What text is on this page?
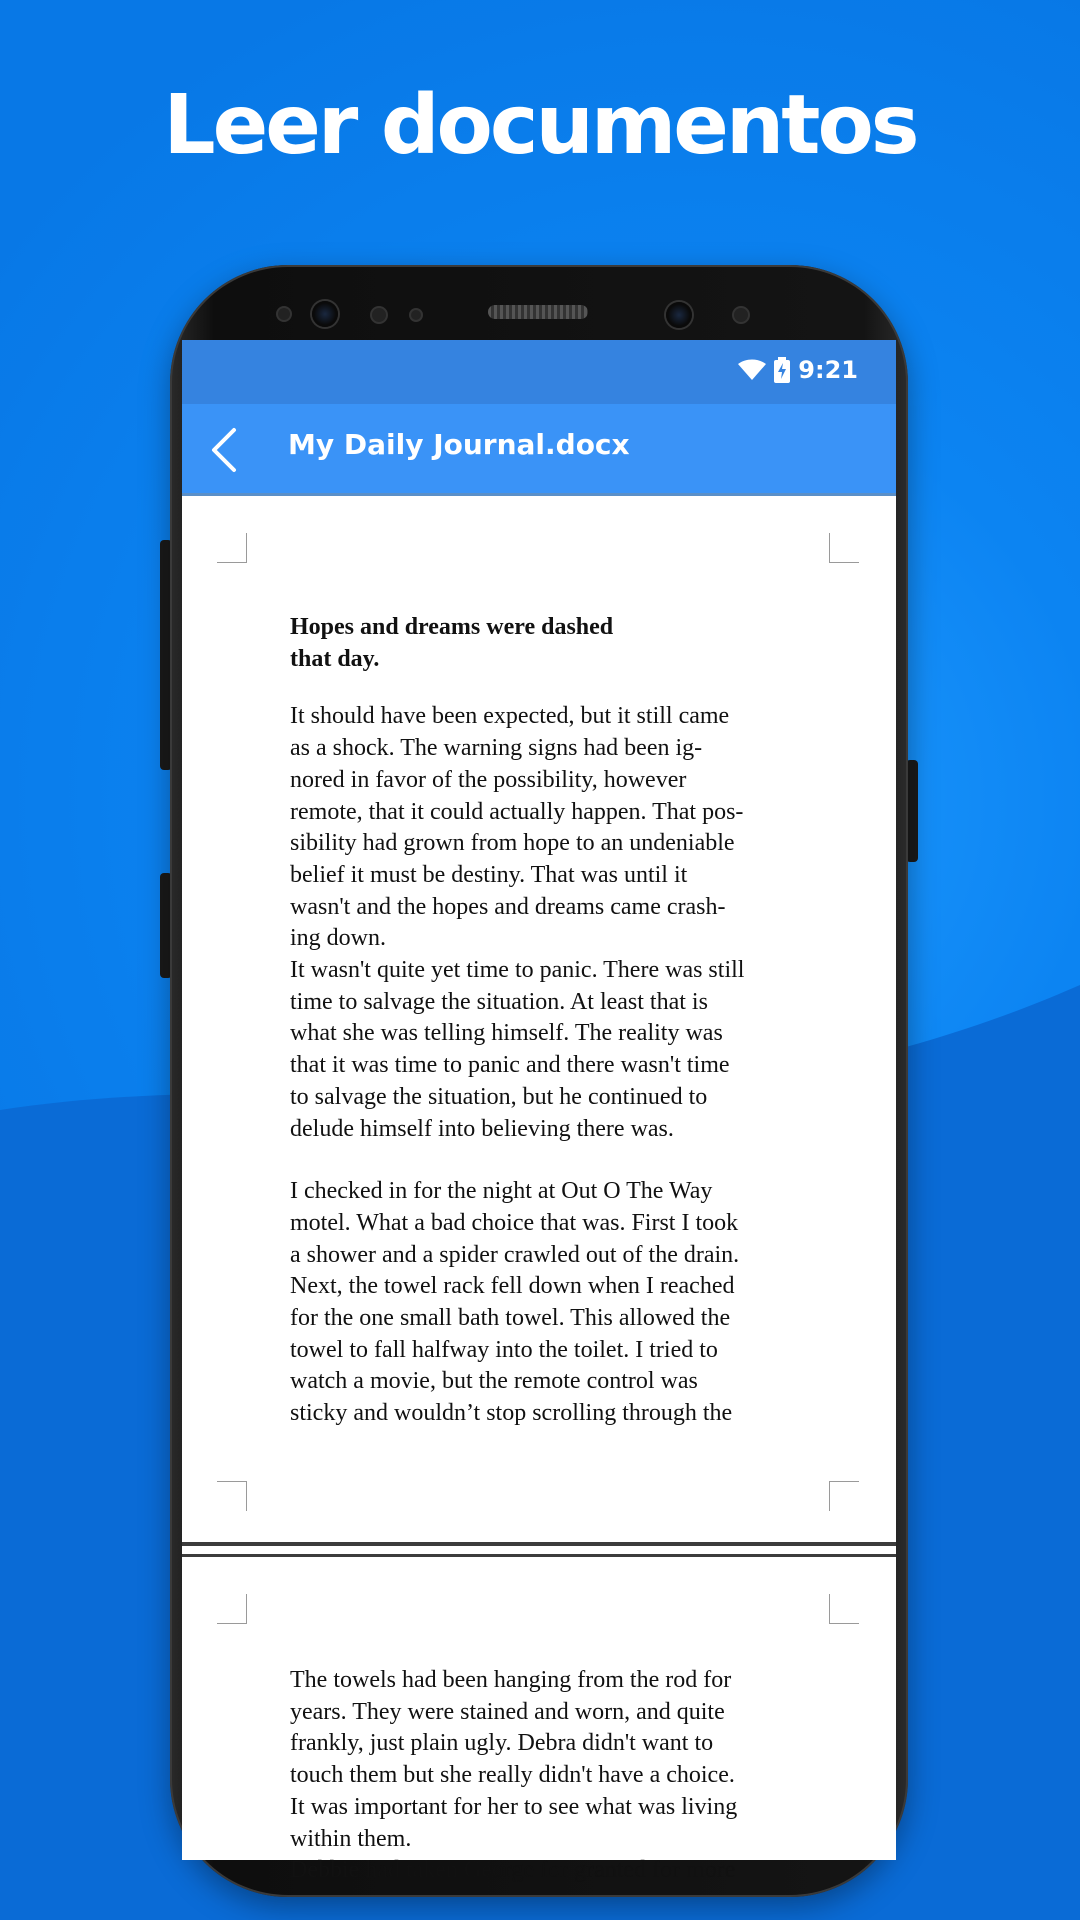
Leer documentos
9:21
My Daily Journal.docx
Hopes and dreams were dashed
that day.
It should have been expected, but it still came
as a shock. The warning signs had been ig-
nored in favor of the possibility, however
remote, that it could actually happen. That pos-
sibility had grown from hope to an undeniable
belief it must be destiny. That was until it
wasn't and the hopes and dreams came crash-
ing down.
It wasn't quite yet time to panic. There was still
time to salvage the situation. At least that is
what she was telling himself. The reality was
that it was time to panic and there wasn't time
to salvage the situation, but he continued to
delude himself into believing there was.
I checked in for the night at Out O The Way
motel. What a bad choice that was. First I took
a shower and a spider crawled out of the drain.
Next, the towel rack fell down when I reached
for the one small bath towel. This allowed the
towel to fall halfway into the toilet. I tried to
watch a movie, but the remote control was
sticky and wouldn’t stop scrolling through the
The towels had been hanging from the rod for
years. They were stained and worn, and quite
frankly, just plain ugly. Debra didn't want to
touch them but she really didn't have a choice.
It was important for her to see what was living
within them.
Debbie had taken George for granted for more
